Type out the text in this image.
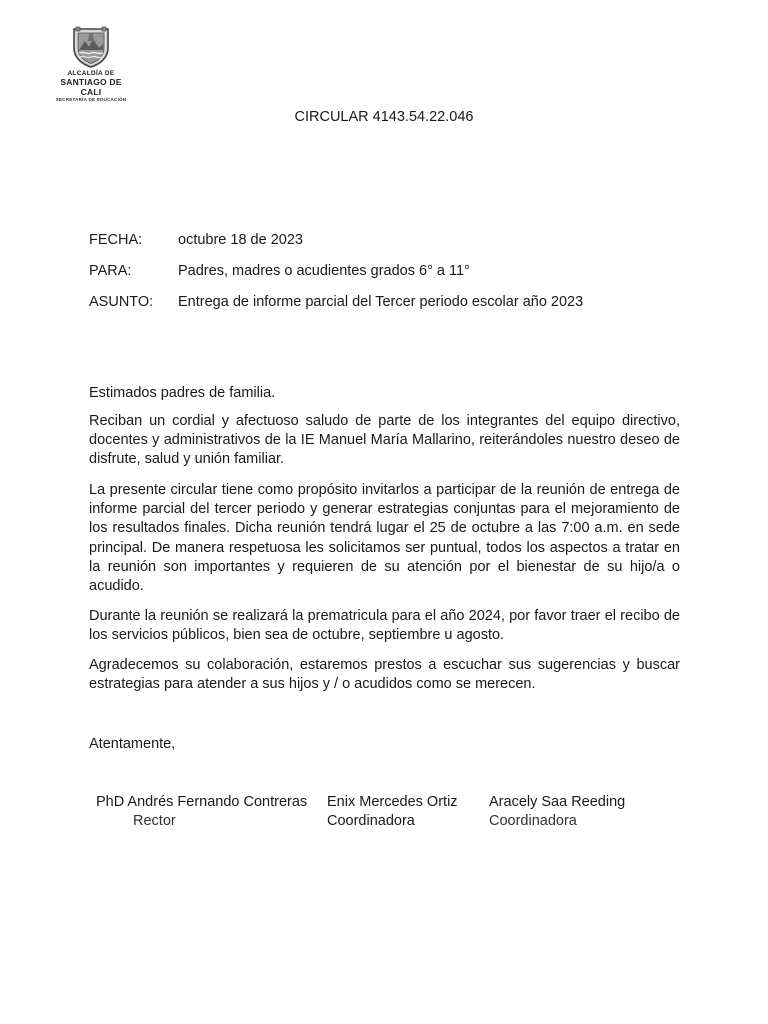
ALCALDÍA DE
SANTIAGO DE CALI
SECRETARÍA DE EDUCACIÓN
CIRCULAR 4143.54.22.046
FECHA: octubre 18 de 2023
PARA:	Padres, madres o acudientes grados 6° a 11°
ASUNTO: Entrega de informe parcial del Tercer periodo escolar año 2023

Estimados padres de familia.

Reciban un cordial y afectuoso saludo de parte de los integrantes del equipo directivo, docentes y administrativos de la IE Manuel María Mallarino, reiterándoles nuestro deseo de disfrute, salud y unión familiar.

La presente circular tiene como propósito invitarlos a participar de la reunión de entrega de informe parcial del tercer periodo y generar estrategias conjuntas para el mejoramiento de los resultados finales. Dicha reunión tendrá lugar el 25 de octubre a las 7:00 a.m. en sede principal. De manera respetuosa les solicitamos ser puntual, todos los aspectos a tratar en la reunión son importantes y requieren de su atención por el bienestar de su hijo/a o acudido.

Durante la reunión se realizará la prematricula para el año 2024, por favor traer el recibo de los servicios públicos, bien sea de octubre, septiembre u agosto.

Agradecemos su colaboración, estaremos prestos a escuchar sus sugerencias y buscar estrategias para atender a sus hijos y / o acudidos como se merecen.

Atentamente,

PhD Andrés Fernando Contreras
Rector
Enix Mercedes Ortiz
Coordinadora
Aracely Saa Reeding
Coordinadora
